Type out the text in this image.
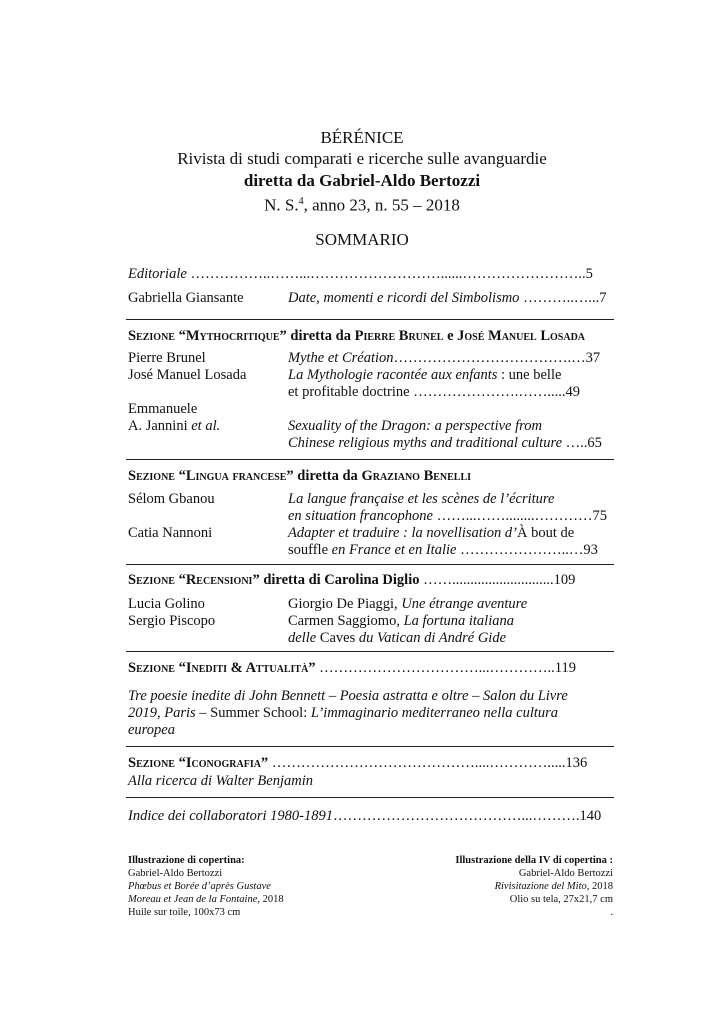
BÉRÉNICE
Rivista di studi comparati e ricerche sulle avanguardie
diretta da Gabriel-Aldo Bertozzi
N. S.$^4$, anno 23, n. 55 – 2018
SOMMARIO
Editoriale ……………..……...………………………......……………………..5
Gabriella Giansante	Date, momenti e ricordi del Simbolismo ………..…...7
Sezione “Mythocritique” diretta da Pierre Brunel e José Manuel Losada
Pierre Brunel	Mythe et Création……………………………….…37
José Manuel Losada	La Mythologie racontée aux enfants : une belle
et profitable doctrine ………………….…….....49
Emmanuele
A. Jannini et al.	Sexuality of the Dragon: a perspective from
Chinese religious myths and traditional culture …..65
Sezione “Lingua francese” diretta da Graziano Benelli
Sélom Gbanou	La langue française et les scènes de l’écriture
en situation francophone ……...……........…………75
Catia Nannoni	Adapter et traduire : la novellisation d’À bout de
souffle en France et en Italie …………………..…93
Sezione “Recensioni” diretta di Carolina Diglio ……............................109
Lucia Golino	Giorgio De Piaggi, Une étrange aventure
Sergio Piscopo	Carmen Saggiomo, La fortuna italiana
delle Caves du Vatican di André Gide
Sezione “Inediti & Attualità” ……………………………...…………..119
Tre poesie inedite di John Bennett – Poesia astratta e oltre – Salon du Livre
2019, Paris – Summer School: L’immaginario mediterraneo nella cultura
europea
Sezione “Iconografia” ……………………………………....………….....136
Alla ricerca di Walter Benjamin
Indice dei collaboratori 1980-1891…………………………………...……….140
Illustrazione di copertina:
Gabriel-Aldo Bertozzi
Phœbus et Borée d’après Gustave
Moreau et Jean de la Fontaine, 2018
Huile sur toile, 100x73 cm
Illustrazione della IV di copertina :
Gabriel-Aldo Bertozzi
Rivisitazione del Mito, 2018
Olio su tela, 27x21,7 cm
.
